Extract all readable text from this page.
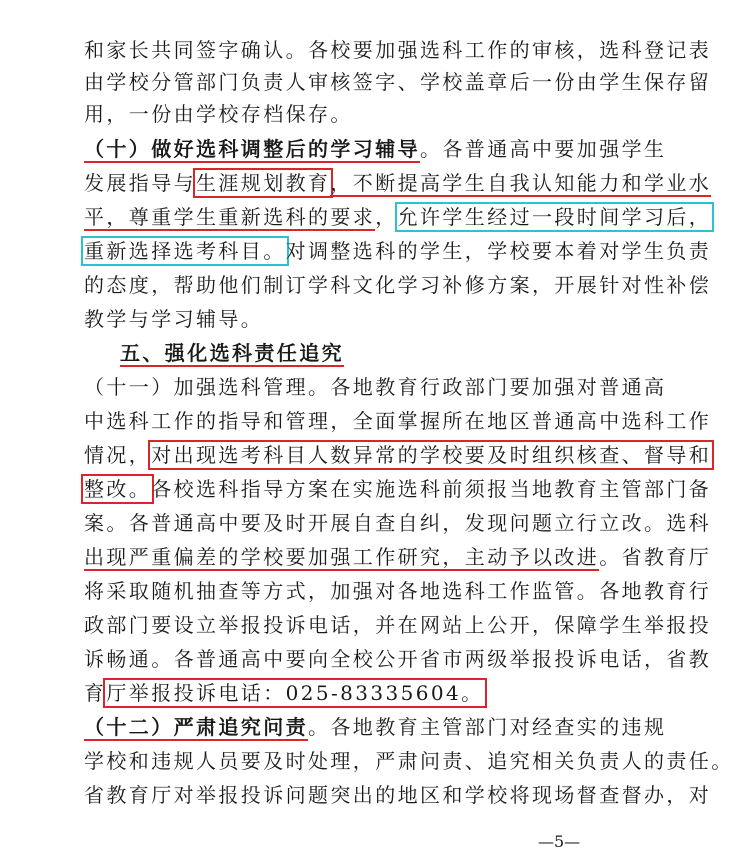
和家长共同签字确认。各校要加强选科工作的审核，选科登记表
由学校分管部门负责人审核签字、学校盖章后一份由学生保存留
用，一份由学校存档保存。
（十）做好选科调整后的学习辅导。各普通高中要加强学生
发展指导与生涯规划教育，不断提高学生自我认知能力和学业水
平，尊重学生重新选科的要求，允许学生经过一段时间学习后，
重新选择选考科目。对调整选科的学生，学校要本着对学生负责
的态度，帮助他们制订学科文化学习补修方案，开展针对性补偿
教学与学习辅导。
五、强化选科责任追究
（十一）加强选科管理。各地教育行政部门要加强对普通高
中选科工作的指导和管理，全面掌握所在地区普通高中选科工作
情况，对出现选考科目人数异常的学校要及时组织核查、督导和
整改。各校选科指导方案在实施选科前须报当地教育主管部门备
案。各普通高中要及时开展自查自纠，发现问题立行立改。选科
出现严重偏差的学校要加强工作研究，主动予以改进。省教育厅
将采取随机抽查等方式，加强对各地选科工作监管。各地教育行
政部门要设立举报投诉电话，并在网站上公开，保障学生举报投
诉畅通。各普通高中要向全校公开省市两级举报投诉电话，省教
育厅举报投诉电话：025-83335604。
（十二）严肃追究问责。各地教育主管部门对经查实的违规
学校和违规人员要及时处理，严肃问责、追究相关负责人的责任。
省教育厅对举报投诉问题突出的地区和学校将现场督查督办，对
—5—
